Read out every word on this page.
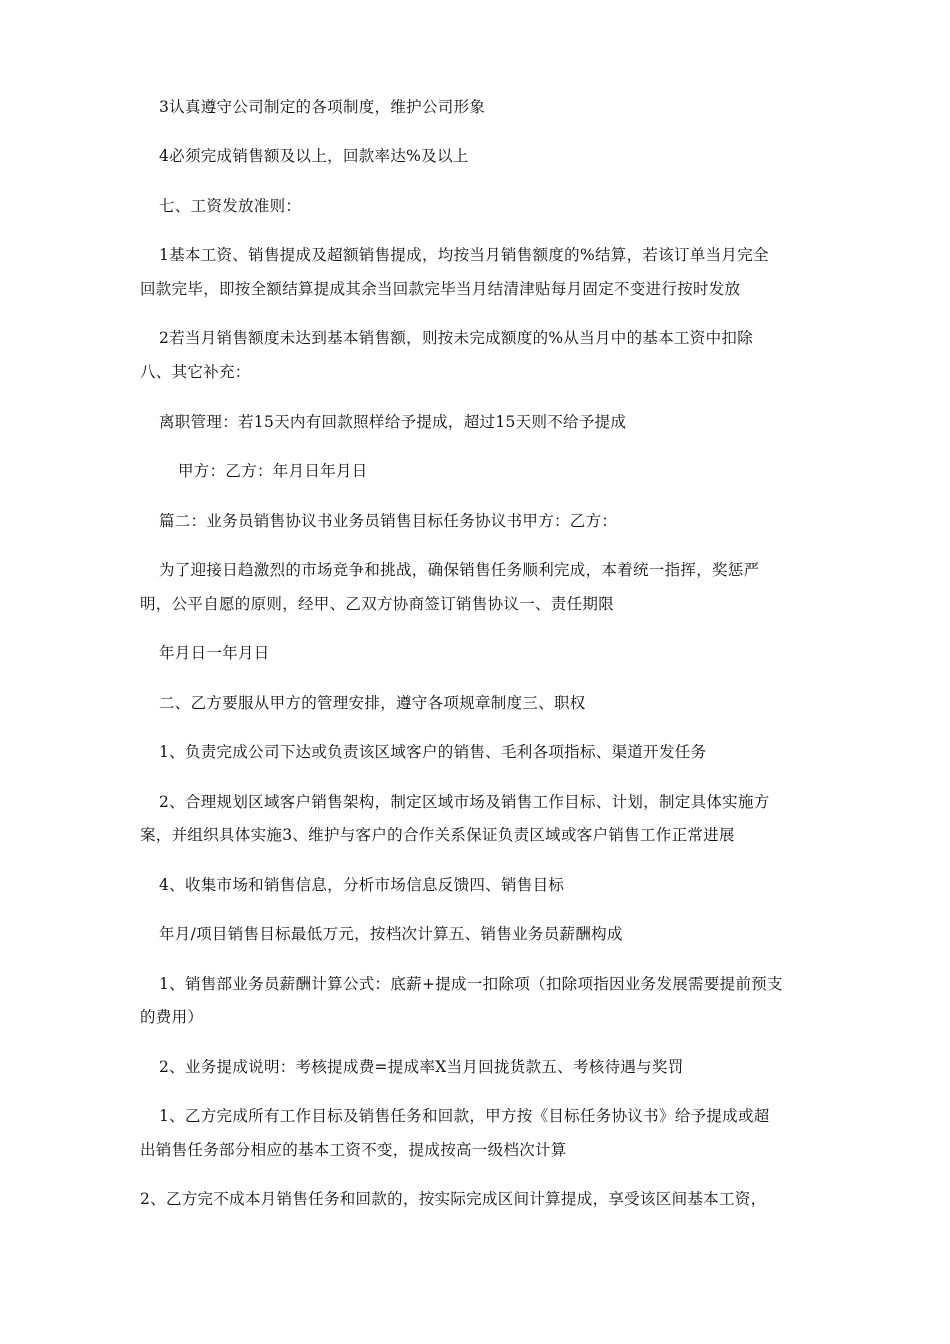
3认真遵守公司制定的各项制度，维护公司形象

4必须完成销售额及以上，回款率达%及以上

七、工资发放准则：

1基本工资、销售提成及超额销售提成，均按当月销售额度的%结算，若该订单当月完全

回款完毕，即按全额结算提成其余当回款完毕当月结清津贴每月固定不变进行按时发放

2若当月销售额度未达到基本销售额，则按未完成额度的%从当月中的基本工资中扣除

八、其它补充：

离职管理：若15天内有回款照样给予提成，超过15天则不给予提成

甲方：乙方：年月日年月日

篇二：业务员销售协议书业务员销售目标任务协议书甲方：乙方：

为了迎接日趋激烈的市场竞争和挑战，确保销售任务顺利完成，本着统一指挥，奖惩严

明，公平自愿的原则，经甲、乙双方协商签订销售协议一、责任期限

年月日一年月日

二、乙方要服从甲方的管理安排，遵守各项规章制度三、职权

1、负责完成公司下达或负责该区域客户的销售、毛利各项指标、渠道开发任务

2、合理规划区域客户销售架构，制定区域市场及销售工作目标、计划，制定具体实施方

案，并组织具体实施3、维护与客户的合作关系保证负责区域或客户销售工作正常进展

4、收集市场和销售信息，分析市场信息反馈四、销售目标

年月/项目销售目标最低万元，按档次计算五、销售业务员薪酬构成

1、销售部业务员薪酬计算公式：底薪+提成一扣除项（扣除项指因业务发展需要提前预支

的费用）

2、业务提成说明：考核提成费=提成率X当月回拢货款五、考核待遇与奖罚

1、乙方完成所有工作目标及销售任务和回款，甲方按《目标任务协议书》给予提成或超

出销售任务部分相应的基本工资不变，提成按高一级档次计算

2、乙方完不成本月销售任务和回款的，按实际完成区间计算提成，享受该区间基本工资，
